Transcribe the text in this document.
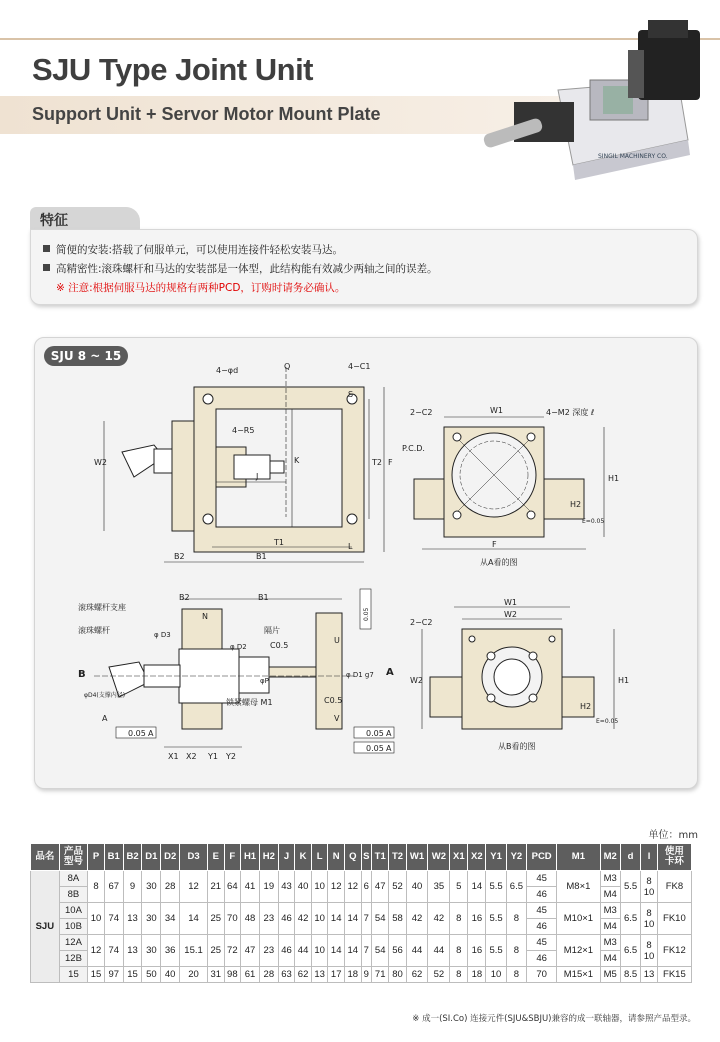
SJU Type Joint Unit
Support Unit + Servor Motor Mount Plate
SINGIL MACHINERY CO.
特征
简便的安装:搭载了伺服单元，可以使用连接件轻松安装马达。
高精密性:滚珠螺杆和马达的安装部是一体型，此结构能有效减少两轴之间的误差。
※ 注意:根据伺服马达的规格有两种PCD，订购时请务必确认。
4−φd	4−C1
4−R5
W2
Q
S
T2 F
K
J
T1
B1
B2
L
2−C2	W1	4−M2 深度 ℓ
P.C.D.
H1
H2
E=0.05
F
从A看的图
B2	B1
N
滚珠螺杆支座
滚珠螺杆	隔片
C0.5
C0.5
锁紧螺母 M1
φ D3
φ D2
φ D1 g7
φD4(支撑内径)
φP
B	A
A
0.05 A	0.05 A
0.05 A
0.05
U
V
X1 X2 Y1 Y2
W1
W2
2−C2
W2	H1
H2
E=0.05
从B看的图
SJU 8 ~ 15
单位：mm
品名	产品
型号	P	B1	B2	D1	D2	D3	E	F	H1	H2	J	K	L	N	Q	S	T1	T2	W1	W2	X1	X2	Y1	Y2	PCD	M1	M2	d	l	使用
卡环
SJU	8A	8	67	9	30	28	12	21	64	41	19	43	40	10	12	12	6	47	52	40	35	5	14	5.5	6.5	45	M8×1	M3	5.5	8
10	FK8
	8B																									46		M4			
	10A	10	74	13	30	34	14	25	70	48	23	46	42	10	14	14	7	54	58	42	42	8	16	5.5	8	45	M10×1	M3	6.5	8
10	FK10
	10B																									46		M4			
	12A	12	74	13	30	36	15.1	25	72	47	23	46	44	10	14	14	7	54	56	44	44	8	16	5.5	8	45	M12×1	M3	6.5	8
10	FK12
	12B																									46		M4			
	15	15	97	15	50	40	20	31	98	61	28	63	62	13	17	18	9	71	80	62	52	8	18	10	8	70	M15×1	M5	8.5	13	FK15
※ 成一(SI.Co) 连接元件(SJU&SBJU)兼容的成一联轴器，请参照产品型录。
